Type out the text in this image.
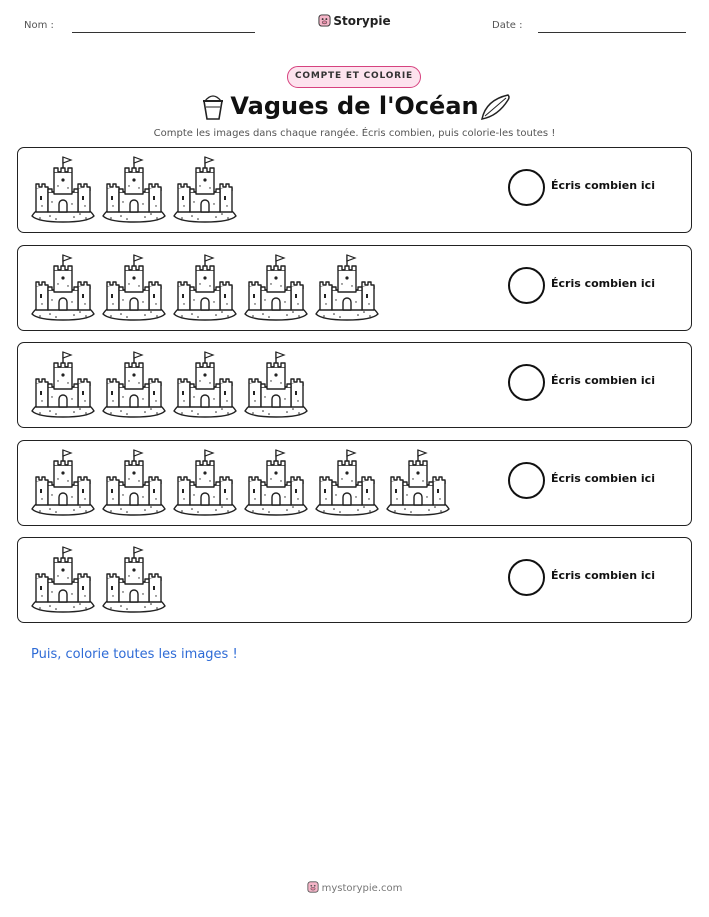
Nom :	Storypie	Date :
COMPTE ET COLORIE
Vagues de l'Océan
Compte les images dans chaque rangée. Écris combien, puis colorie-les toutes !
Écris combien ici
Écris combien ici
Écris combien ici
Écris combien ici
Écris combien ici
Puis, colorie toutes les images !
mystorypie.com
